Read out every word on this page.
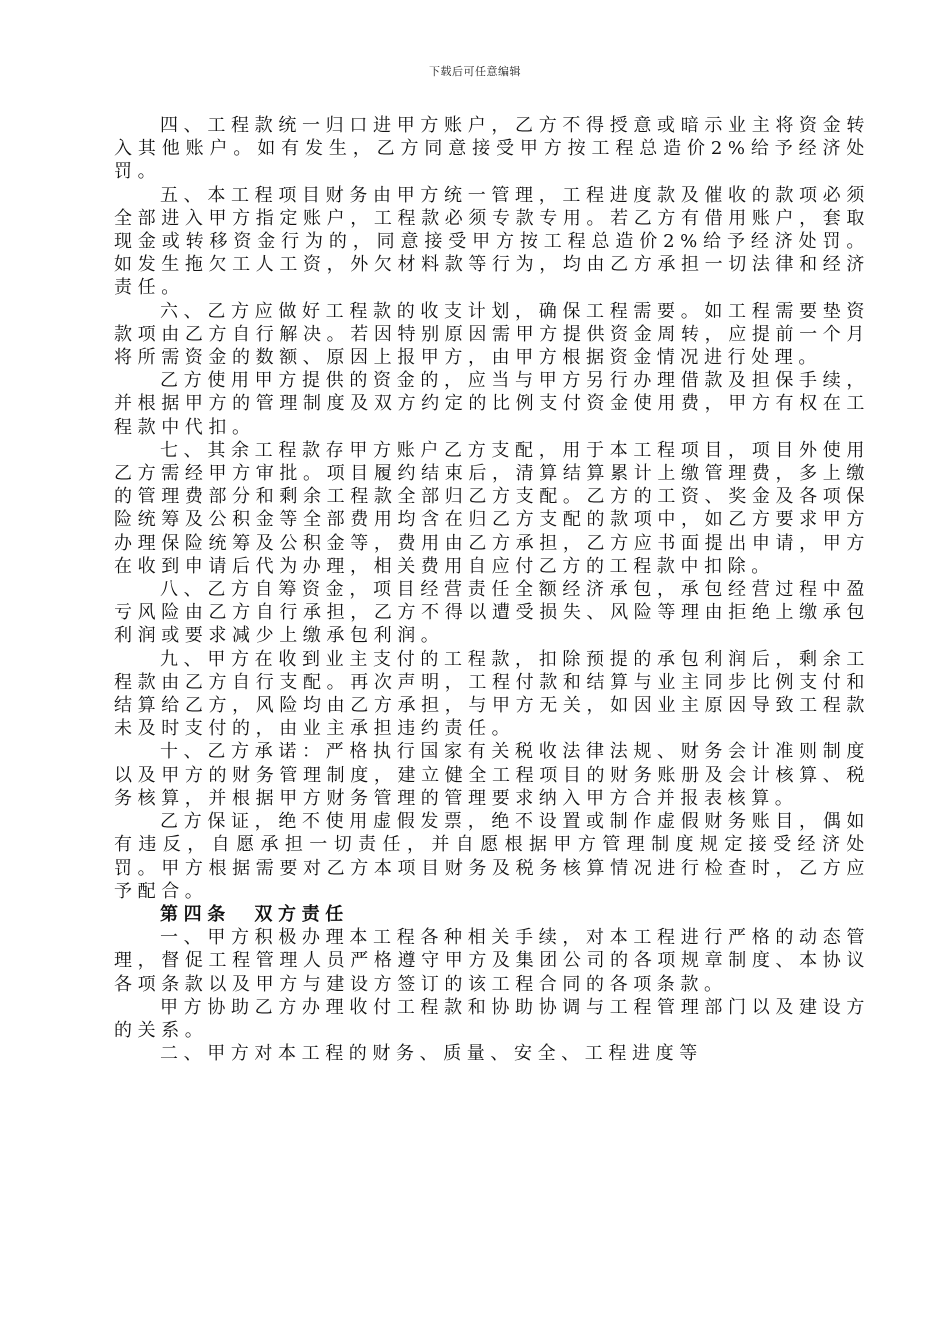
下载后可任意编辑

四、工程款统一归口进甲方账户，乙方不得授意或暗示业主将资金转入其他账户。如有发生，乙方同意接受甲方按工程总造价2%给予经济处罚。

五、本工程项目财务由甲方统一管理，工程进度款及催收的款项必须全部进入甲方指定账户，工程款必须专款专用。若乙方有借用账户，套取现金或转移资金行为的，同意接受甲方按工程总造价2%给予经济处罚。如发生拖欠工人工资，外欠材料款等行为，均由乙方承担一切法律和经济责任。

六、乙方应做好工程款的收支计划，确保工程需要。如工程需要垫资款项由乙方自行解决。若因特别原因需甲方提供资金周转，应提前一个月将所需资金的数额、原因上报甲方，由甲方根据资金情况进行处理。

乙方使用甲方提供的资金的，应当与甲方另行办理借款及担保手续，并根据甲方的管理制度及双方约定的比例支付资金使用费，甲方有权在工程款中代扣。

七、其余工程款存甲方账户乙方支配，用于本工程项目，项目外使用乙方需经甲方审批。项目履约结束后，清算结算累计上缴管理费，多上缴的管理费部分和剩余工程款全部归乙方支配。乙方的工资、奖金及各项保险统筹及公积金等全部费用均含在归乙方支配的款项中，如乙方要求甲方办理保险统筹及公积金等，费用由乙方承担，乙方应书面提出申请，甲方在收到申请后代为办理，相关费用自应付乙方的工程款中扣除。

八、乙方自筹资金，项目经营责任全额经济承包，承包经营过程中盈亏风险由乙方自行承担，乙方不得以遭受损失、风险等理由拒绝上缴承包利润或要求减少上缴承包利润。

九、甲方在收到业主支付的工程款，扣除预提的承包利润后，剩余工程款由乙方自行支配。再次声明，工程付款和结算与业主同步比例支付和结算给乙方，风险均由乙方承担，与甲方无关，如因业主原因导致工程款未及时支付的，由业主承担违约责任。

十、乙方承诺：严格执行国家有关税收法律法规、财务会计准则制度以及甲方的财务管理制度，建立健全工程项目的财务账册及会计核算、税务核算，并根据甲方财务管理的管理要求纳入甲方合并报表核算。

乙方保证，绝不使用虚假发票，绝不设置或制作虚假财务账目，偶如有违反，自愿承担一切责任，并自愿根据甲方管理制度规定接受经济处罚。甲方根据需要对乙方本项目财务及税务核算情况进行检查时，乙方应予配合。

第四条　双方责任

一、甲方积极办理本工程各种相关手续，对本工程进行严格的动态管理，督促工程管理人员严格遵守甲方及集团公司的各项规章制度、本协议各项条款以及甲方与建设方签订的该工程合同的各项条款。

甲方协助乙方办理收付工程款和协助协调与工程管理部门以及建设方的关系。

二、甲方对本工程的财务、质量、安全、工程进度等
